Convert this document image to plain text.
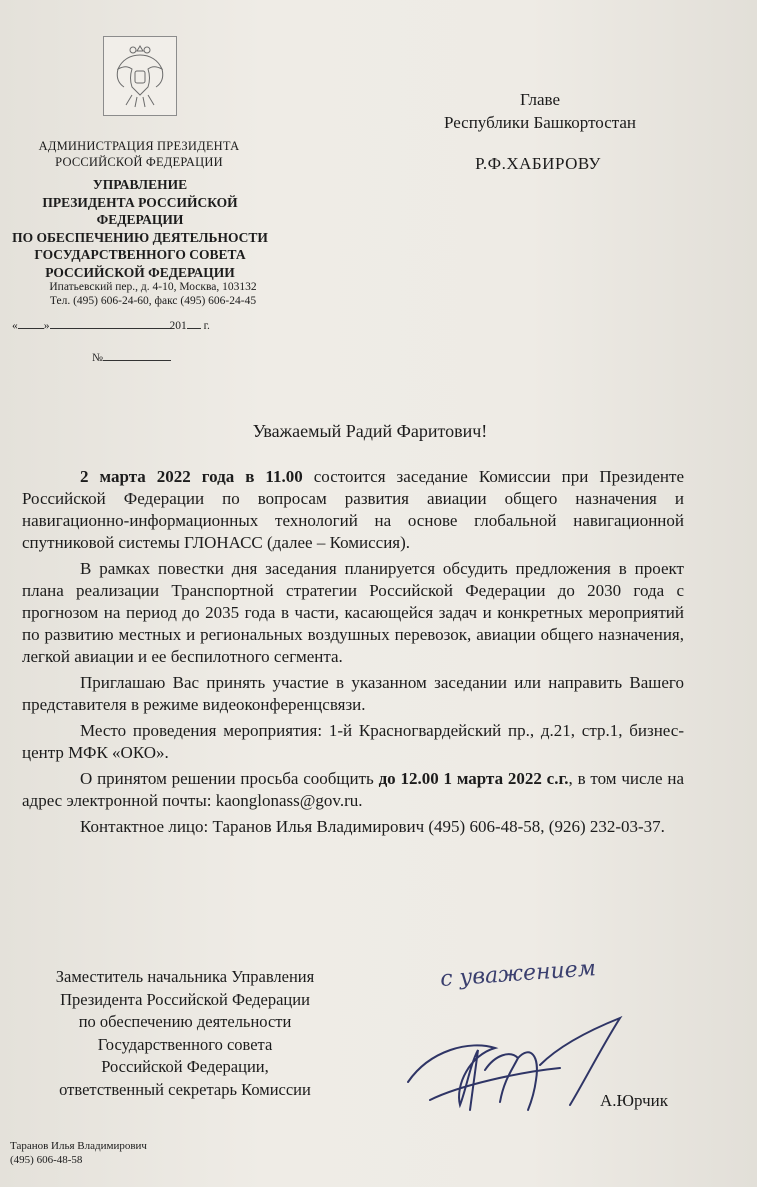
АДМИНИСТРАЦИЯ ПРЕЗИДЕНТА
РОССИЙСКОЙ ФЕДЕРАЦИИ
УПРАВЛЕНИЕ
ПРЕЗИДЕНТА РОССИЙСКОЙ ФЕДЕРАЦИИ
ПО ОБЕСПЕЧЕНИЮ ДЕЯТЕЛЬНОСТИ
ГОСУДАРСТВЕННОГО СОВЕТА
РОССИЙСКОЙ ФЕДЕРАЦИИ
Ипатьевский пер., д. 4-10, Москва, 103132
Тел. (495) 606-24-60, факс (495) 606-24-45
« »	201 г.
№
Главе
Республики Башкортостан
Р.Ф.ХАБИРОВУ
Уважаемый Радий Фаритович!

2 марта 2022 года в 11.00 состоится заседание Комиссии при Президенте Российской Федерации по вопросам развития авиации общего назначения и навигационно-информационных технологий на основе глобальной навигационной спутниковой системы ГЛОНАСС (далее – Комиссия).

В рамках повестки дня заседания планируется обсудить предложения в проект плана реализации Транспортной стратегии Российской Федерации до 2030 года с прогнозом на период до 2035 года в части, касающейся задач и конкретных мероприятий по развитию местных и региональных воздушных перевозок, авиации общего назначения, легкой авиации и ее беспилотного сегмента.

Приглашаю Вас принять участие в указанном заседании или направить Вашего представителя в режиме видеоконференцсвязи.

Место проведения мероприятия: 1-й Красногвардейский пр., д.21, стр.1, бизнес-центр МФК «ОКО».

О принятом решении просьба сообщить до 12.00 1 марта 2022 с.г., в том числе на адрес электронной почты: kaonglonass@gov.ru.

Контактное лицо: Таранов Илья Владимирович (495) 606-48-58, (926) 232-03-37.

Заместитель начальника Управления
Президента Российской Федерации
по обеспечению деятельности
Государственного совета
Российской Федерации,
ответственный секретарь Комиссии
с уважением
А.Юрчик
Таранов Илья Владимирович
(495) 606-48-58
